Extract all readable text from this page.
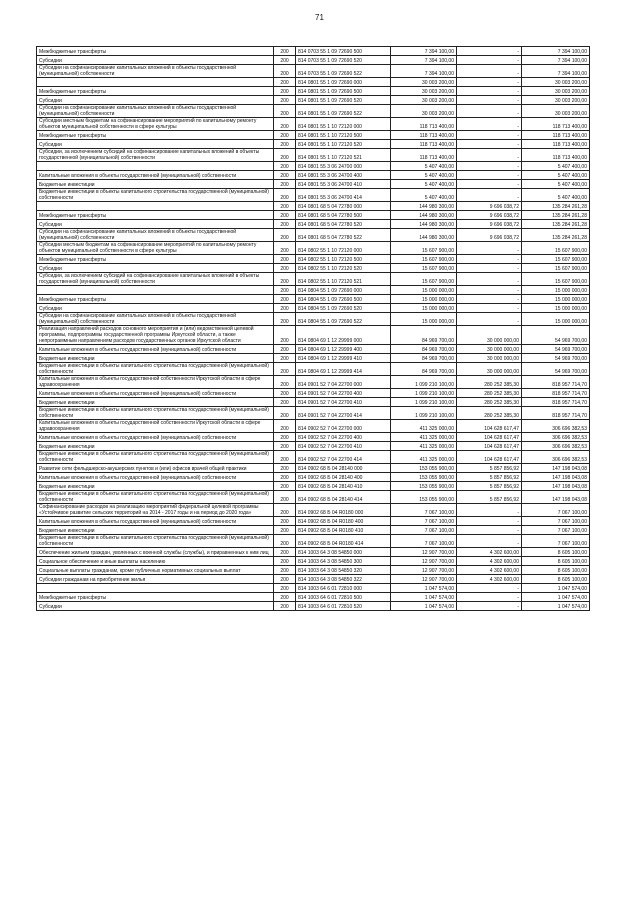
71
Межбюджетные трансферты	200	814 0703 55 1 09 72690 500	7 394 100,00	-	7 394 100,00
Субсидии	200	814 0703 55 1 09 72690 520	7 394 100,00	-	7 394 100,00
Субсидии на софинансирование капитальных вложений в объекты государственной (муниципальной) собственности	200	814 0703 55 1 09 72690 522	7 394 100,00	-	7 394 100,00
	200	814 0801 55 1 09 72690 000	30 003 200,00	-	30 003 200,00
Межбюджетные трансферты	200	814 0801 55 1 09 72690 500	30 003 200,00	-	30 003 200,00
Субсидии	200	814 0801 55 1 09 72690 520	30 003 200,00	-	30 003 200,00
Субсидии на софинансирование капитальных вложений в объекты государственной (муниципальной) собственности	200	814 0801 55 1 09 72690 522	30 003 200,00	-	30 003 200,00
Субсидии местным бюджетам на софинансирование мероприятий по капитальному ремонту объектов муниципальной собственности в сфере культуры	200	814 0801 55 1 10 72120 000	118 713 400,00	-	118 713 400,00
Межбюджетные трансферты	200	814 0801 55 1 10 72120 500	118 713 400,00	-	118 713 400,00
Субсидии	200	814 0801 55 1 10 72120 520	118 713 400,00	-	118 713 400,00
Субсидии, за исключением субсидий на софинансирование капитальных вложений в объекты государственной (муниципальной) собственности	200	814 0801 55 1 10 72120 521	118 713 400,00	-	118 713 400,00
	200	814 0801 55 3 06 24700 000	5 407 400,00	-	5 407 400,00
Капитальные вложения в объекты государственной (муниципальной) собственности	200	814 0801 55 3 06 24700 400	5 407 400,00	-	5 407 400,00
Бюджетные инвестиции	200	814 0801 55 3 06 24700 410	5 407 400,00	-	5 407 400,00
Бюджетные инвестиции в объекты капитального строительства государственной (муниципальной) собственности	200	814 0801 55 3 06 24700 414	5 407 400,00	-	5 407 400,00
	200	814 0801 68 5 04 72780 000	144 980 300,00	9 696 038,72	135 284 261,28
Межбюджетные трансферты	200	814 0801 68 5 04 72780 500	144 980 300,00	9 696 038,72	135 284 261,28
Субсидии	200	814 0801 68 5 04 72780 520	144 980 300,00	9 696 038,72	135 284 261,28
Субсидии на софинансирование капитальных вложений в объекты государственной (муниципальной) собственности	200	814 0801 68 5 04 72780 522	144 980 300,00	9 696 038,72	135 284 261,28
Субсидии местным бюджетам на софинансирование мероприятий по капитальному ремонту объектов муниципальной собственности в сфере культуры	200	814 0802 55 1 10 72120 000	15 607 900,00	-	15 607 900,00
Межбюджетные трансферты	200	814 0802 55 1 10 72120 500	15 607 900,00	-	15 607 900,00
Субсидии	200	814 0802 55 1 10 72120 520	15 607 900,00	-	15 607 900,00
Субсидии, за исключением субсидий на софинансирование капитальных вложений в объекты государственной (муниципальной) собственности	200	814 0802 55 1 10 72120 521	15 607 900,00	-	15 607 900,00
	200	814 0804 55 1 09 72690 000	15 000 000,00	-	15 000 000,00
Межбюджетные трансферты	200	814 0804 55 1 09 72690 500	15 000 000,00	-	15 000 000,00
Субсидии	200	814 0804 55 1 09 72690 520	15 000 000,00	-	15 000 000,00
Субсидии на софинансирование капитальных вложений в объекты государственной (муниципальной) собственности	200	814 0804 55 1 09 72690 522	15 000 000,00	-	15 000 000,00
Реализация направлений расходов основного мероприятия и (или) ведомственной целевой программы, подпрограммы государственной программы Иркутской области, а также непрограммным направлениям расходов государственных органов Иркутской области	200	814 0804 69 1 12 29999 000	84 969 700,00	30 000 000,00	54 969 700,00
Капитальные вложения в объекты государственной (муниципальной) собственности	200	814 0804 69 1 12 29999 400	84 969 700,00	30 000 000,00	54 969 700,00
Бюджетные инвестиции	200	814 0804 69 1 12 29999 410	84 969 700,00	30 000 000,00	54 969 700,00
Бюджетные инвестиции в объекты капитального строительства государственной (муниципальной) собственности	200	814 0804 69 1 12 29999 414	84 969 700,00	30 000 000,00	54 969 700,00
Капитальные вложения в объекты государственной собственности Иркутской области в сфере здравоохранения	200	814 0901 52 7 04 22700 000	1 099 210 100,00	280 252 385,30	818 957 714,70
Капитальные вложения в объекты государственной (муниципальной) собственности	200	814 0901 52 7 04 22700 400	1 099 210 100,00	280 252 385,30	818 957 714,70
Бюджетные инвестиции	200	814 0901 52 7 04 22700 410	1 099 210 100,00	280 252 385,30	818 957 714,70
Бюджетные инвестиции в объекты капитального строительства государственной (муниципальной) собственности	200	814 0901 52 7 04 22700 414	1 099 210 100,00	280 252 385,30	818 957 714,70
Капитальные вложения в объекты государственной собственности Иркутской области в сфере здравоохранения	200	814 0902 52 7 04 22700 000	411 325 000,00	104 628 617,47	306 696 382,53
Капитальные вложения в объекты государственной (муниципальной) собственности	200	814 0902 52 7 04 22700 400	411 325 000,00	104 628 617,47	306 696 382,53
Бюджетные инвестиции	200	814 0902 52 7 04 22700 410	411 325 000,00	104 628 617,47	306 696 382,53
Бюджетные инвестиции в объекты капитального строительства государственной (муниципальной) собственности	200	814 0902 52 7 04 22700 414	411 325 000,00	104 628 617,47	306 696 382,53
Развитие сети фельдшерско-акушерских пунктов и (или) офисов врачей общей практики	200	814 0902 68 Б 04 28140 000	153 055 900,00	5 857 856,92	147 198 043,08
Капитальные вложения в объекты государственной (муниципальной) собственности	200	814 0902 68 Б 04 28140 400	153 055 900,00	5 857 856,92	147 198 043,08
Бюджетные инвестиции	200	814 0902 68 Б 04 28140 410	153 055 900,00	5 857 856,92	147 198 043,08
Бюджетные инвестиции в объекты капитального строительства государственной (муниципальной) собственности	200	814 0902 68 Б 04 28140 414	153 055 900,00	5 857 856,92	147 198 043,08
Софинансирование расходов на реализацию мероприятий федеральной целевой программы «Устойчивое развитие сельских территорий на 2014 - 2017 годы и на период до 2020 года»	200	814 0902 68 Б 04 R0180 000	7 067 100,00	-	7 067 100,00
Капитальные вложения в объекты государственной (муниципальной) собственности	200	814 0902 68 Б 04 R0180 400	7 067 100,00	-	7 067 100,00
Бюджетные инвестиции	200	814 0902 68 Б 04 R0180 410	7 067 100,00	-	7 067 100,00
Бюджетные инвестиции в объекты капитального строительства государственной (муниципальной) собственности	200	814 0902 68 Б 04 R0180 414	7 067 100,00	-	7 067 100,00
Обеспечение жильем граждан, уволенных с военной службы (службы), и приравненных к ним лиц	200	814 1003 64 3 08 54850 000	12 907 700,00	4 302 600,00	8 605 100,00
Социальное обеспечение и иные выплаты населению	200	814 1003 64 3 08 54850 300	12 907 700,00	4 302 600,00	8 605 100,00
Социальные выплаты гражданам, кроме публичных нормативных социальных выплат	200	814 1003 64 3 08 54850 320	12 907 700,00	4 302 600,00	8 605 100,00
Субсидии гражданам на приобретение жилья	200	814 1003 64 3 08 54850 322	12 907 700,00	4 302 600,00	8 605 100,00
	200	814 1003 64 6 01 72810 000	1 047 574,00	-	1 047 574,00
Межбюджетные трансферты	200	814 1003 64 6 01 72810 500	1 047 574,00	-	1 047 574,00
Субсидии	200	814 1003 64 6 01 72810 520	1 047 574,00	-	1 047 574,00
